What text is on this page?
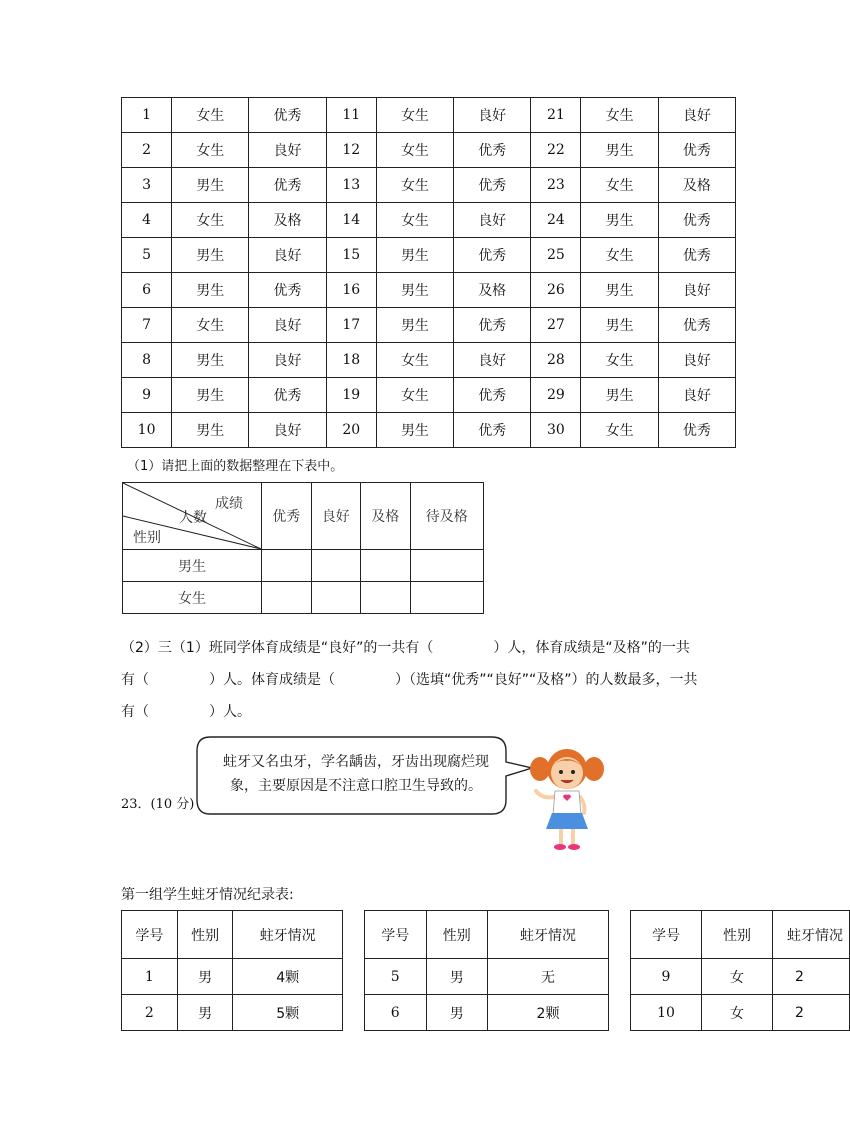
1	女生	优秀	11	女生	良好	21	女生	良好
2	女生	良好	12	女生	优秀	22	男生	优秀
3	男生	优秀	13	女生	优秀	23	女生	及格
4	女生	及格	14	女生	良好	24	男生	优秀
5	男生	良好	15	男生	优秀	25	女生	优秀
6	男生	优秀	16	男生	及格	26	男生	良好
7	女生	良好	17	男生	优秀	27	男生	优秀
8	男生	良好	18	女生	良好	28	女生	良好
9	男生	优秀	19	女生	优秀	29	男生	良好
10	男生	良好	20	男生	优秀	30	女生	优秀
（1）请把上面的数据整理在下表中。
成绩
人数
性别	优秀	良好	及格	待及格
男生				
女生				
（2）三（1）班同学体育成绩是“良好”的一共有（	）人，体育成绩是“及格”的一共
有（	）人。体育成绩是（	）（选填“优秀”“良好”“及格”）的人数最多，一共
有（	）人。
23．(10 分)
蛀牙又名虫牙，学名龋齿，牙齿出现腐烂现象，主要原因是不注意口腔卫生导致的。
第一组学生蛀牙情况纪录表:
学号	性别	蛀牙情况
1	男	4颗
2	男	5颗
学号	性别	蛀牙情况
5	男	无
6	男	2颗
学号	性别	蛀牙情况
9	女	2
10	女	2
